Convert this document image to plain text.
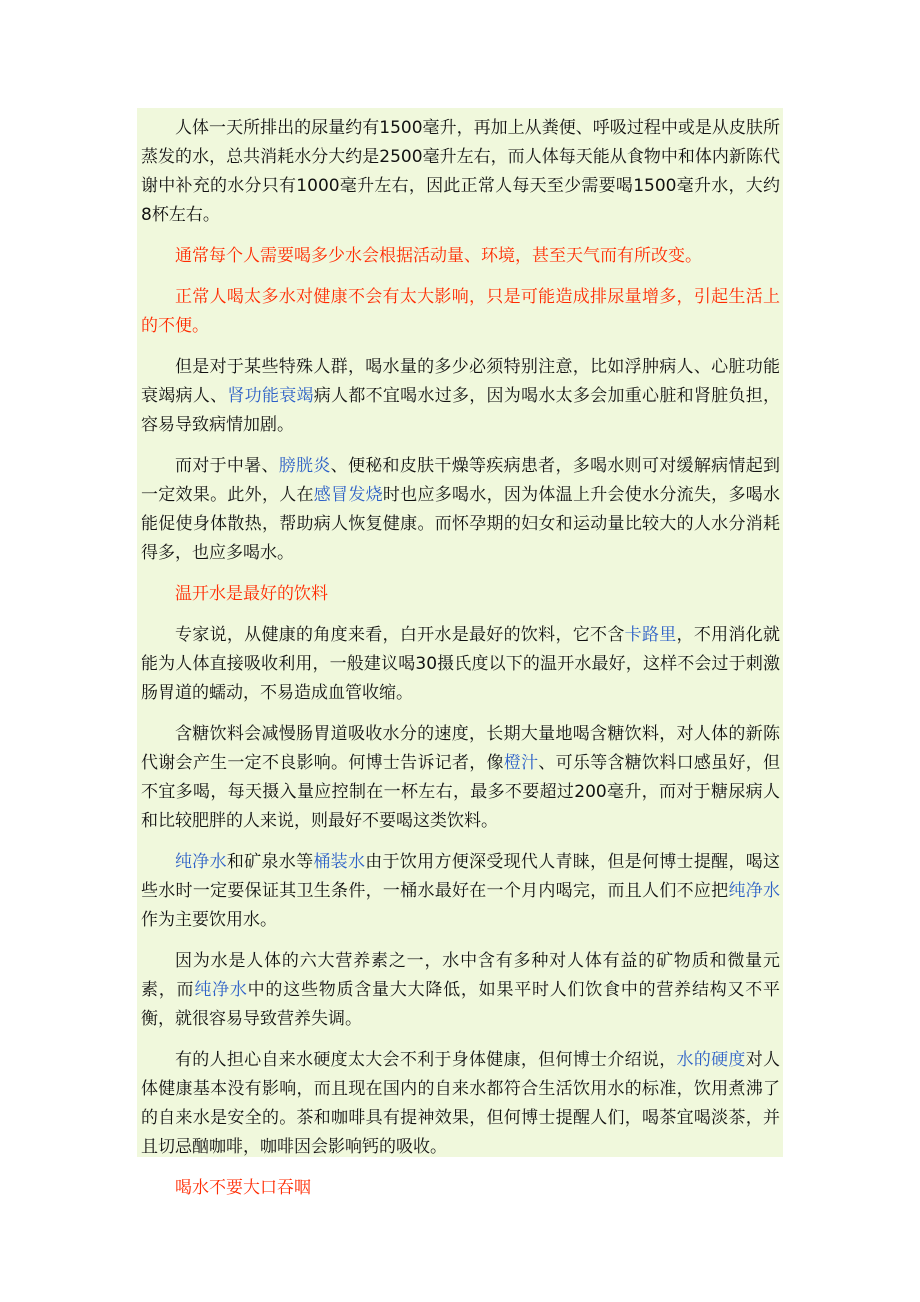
人体一天所排出的尿量约有1500毫升，再加上从粪便、呼吸过程中或是从皮肤所蒸发的水，总共消耗水分大约是2500毫升左右，而人体每天能从食物中和体内新陈代谢中补充的水分只有1000毫升左右，因此正常人每天至少需要喝1500毫升水，大约8杯左右。

通常每个人需要喝多少水会根据活动量、环境，甚至天气而有所改变。

正常人喝太多水对健康不会有太大影响，只是可能造成排尿量增多，引起生活上的不便。

但是对于某些特殊人群，喝水量的多少必须特别注意，比如浮肿病人、心脏功能衰竭病人、肾功能衰竭病人都不宜喝水过多，因为喝水太多会加重心脏和肾脏负担，容易导致病情加剧。

而对于中暑、膀胱炎、便秘和皮肤干燥等疾病患者，多喝水则可对缓解病情起到一定效果。此外，人在感冒发烧时也应多喝水，因为体温上升会使水分流失，多喝水能促使身体散热，帮助病人恢复健康。而怀孕期的妇女和运动量比较大的人水分消耗得多，也应多喝水。

温开水是最好的饮料

专家说，从健康的角度来看，白开水是最好的饮料，它不含卡路里，不用消化就能为人体直接吸收利用，一般建议喝30摄氏度以下的温开水最好，这样不会过于刺激肠胃道的蠕动，不易造成血管收缩。

含糖饮料会减慢肠胃道吸收水分的速度，长期大量地喝含糖饮料，对人体的新陈代谢会产生一定不良影响。何博士告诉记者，像橙汁、可乐等含糖饮料口感虽好，但不宜多喝，每天摄入量应控制在一杯左右，最多不要超过200毫升，而对于糖尿病人和比较肥胖的人来说，则最好不要喝这类饮料。

纯净水和矿泉水等桶装水由于饮用方便深受现代人青睐，但是何博士提醒，喝这些水时一定要保证其卫生条件，一桶水最好在一个月内喝完，而且人们不应把纯净水作为主要饮用水。

因为水是人体的六大营养素之一，水中含有多种对人体有益的矿物质和微量元素，而纯净水中的这些物质含量大大降低，如果平时人们饮食中的营养结构又不平衡，就很容易导致营养失调。

有的人担心自来水硬度太大会不利于身体健康，但何博士介绍说，水的硬度对人体健康基本没有影响，而且现在国内的自来水都符合生活饮用水的标准，饮用煮沸了的自来水是安全的。茶和咖啡具有提神效果，但何博士提醒人们，喝茶宜喝淡茶，并且切忌酗咖啡，咖啡因会影响钙的吸收。

喝水不要大口吞咽
